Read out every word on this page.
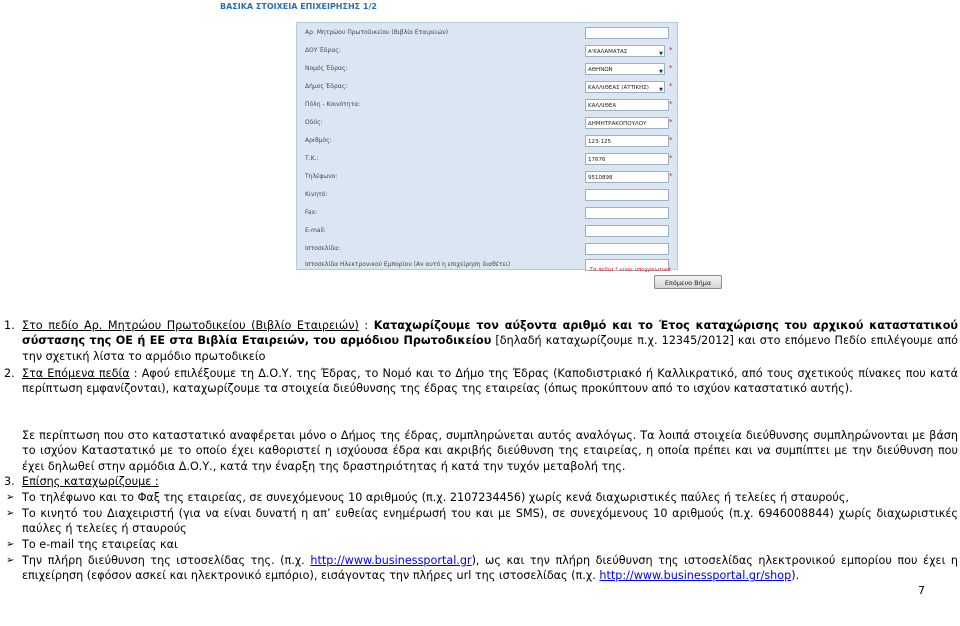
ΒΑΣΙΚΑ ΣΤΟΙΧΕΙΑ ΕΠΙΧΕΙΡΗΣΗΣ 1/2
Αρ. Μητρώου Πρωτοδικείου (Βιβλίο Εταιρειών)
ΔΟΥ Έδρας:	Α'ΚΑΛΑΜΑΤΑΣ	▼ *
Νομός Έδρας:	ΑΘΗΝΩΝ	▼ *
Δήμος Έδρας:	ΚΑΛΛΙΘΕΑΣ (ΑΤΤΙΚΗΣ) ▼ *
Πόλη - Κοινότητα:	ΚΑΛΛΙΘΕΑ	*
Οδός:	ΔΗΜΗΤΡΑΚΟΠΟΥΛΟΥ	*
Αριθμός:	123-125	*
Τ.Κ.:	17676	*
Τηλέφωνο:	9510898	*
Κινητό:
Fax:
E-mail:
Ιστοσελίδα:
Ιστοσελίδα Ηλεκτρονικού Εμπορίου (Αν αυτό η επιχείρηση διαθέτει)
Τα πεδία * είναι υποχρεωτικά
Επόμενο Βήμα
1. Στο πεδίο Αρ. Μητρώου Πρωτοδικείου (Βιβλίο Εταιρειών) : Καταχωρίζουμε τον αύξοντα αριθμό και το Έτος καταχώρισης του αρχικού καταστατικού σύστασης της ΟΕ ή ΕΕ στα Βιβλία Εταιρειών, του αρμόδιου Πρωτοδικείου [δηλαδή καταχωρίζουμε π.χ. 12345/2012] και στο επόμενο Πεδίο επιλέγουμε από την σχετική λίστα το αρμόδιο πρωτοδικείο
2. Στα Επόμενα πεδία : Αφού επιλέξουμε τη Δ.Ο.Υ. της Έδρας, το Νομό και το Δήμο της Έδρας (Καποδιστριακό ή Καλλικρατικό, από τους σχετικούς πίνακες που κατά περίπτωση εμφανίζονται), καταχωρίζουμε τα στοιχεία διεύθυνσης της έδρας της εταιρείας (όπως προκύπτουν από το ισχύον καταστατικό αυτής).
Σε περίπτωση που στο καταστατικό αναφέρεται μόνο ο Δήμος της έδρας, συμπληρώνεται αυτός αναλόγως. Τα λοιπά στοιχεία διεύθυνσης συμπληρώνονται με βάση το ισχύον Καταστατικό με το οποίο έχει καθοριστεί η ισχύουσα έδρα και ακριβής διεύθυνση της εταιρείας, η οποία πρέπει και να συμπίπτει με την διεύθυνση που έχει δηλωθεί στην αρμόδια Δ.Ο.Υ., κατά την έναρξη της δραστηριότητας ή κατά την τυχόν μεταβολή της.
3. Επίσης καταχωρίζουμε :
➢ Το τηλέφωνο και το Φαξ της εταιρείας, σε συνεχόμενους 10 αριθμούς (π.χ. 2107234456) χωρίς κενά διαχωριστικές παύλες ή τελείες ή σταυρούς,
➢ Το κινητό του Διαχειριστή (για να είναι δυνατή η απ’ ευθείας ενημέρωσή του και με SMS), σε συνεχόμενους 10 αριθμούς (π.χ. 6946008844) χωρίς διαχωριστικές παύλες ή τελείες ή σταυρούς
➢ Το e-mail της εταιρείας και
➢ Την πλήρη διεύθυνση της ιστοσελίδας της. (π.χ. http://www.businessportal.gr), ως και την πλήρη διεύθυνση της ιστοσελίδας ηλεκτρονικού εμπορίου που έχει η επιχείρηση (εφόσον ασκεί και ηλεκτρονικό εμπόριο), εισάγοντας την πλήρες url της ιστοσελίδας (π.χ. http://www.businessportal.gr/shop).
7
